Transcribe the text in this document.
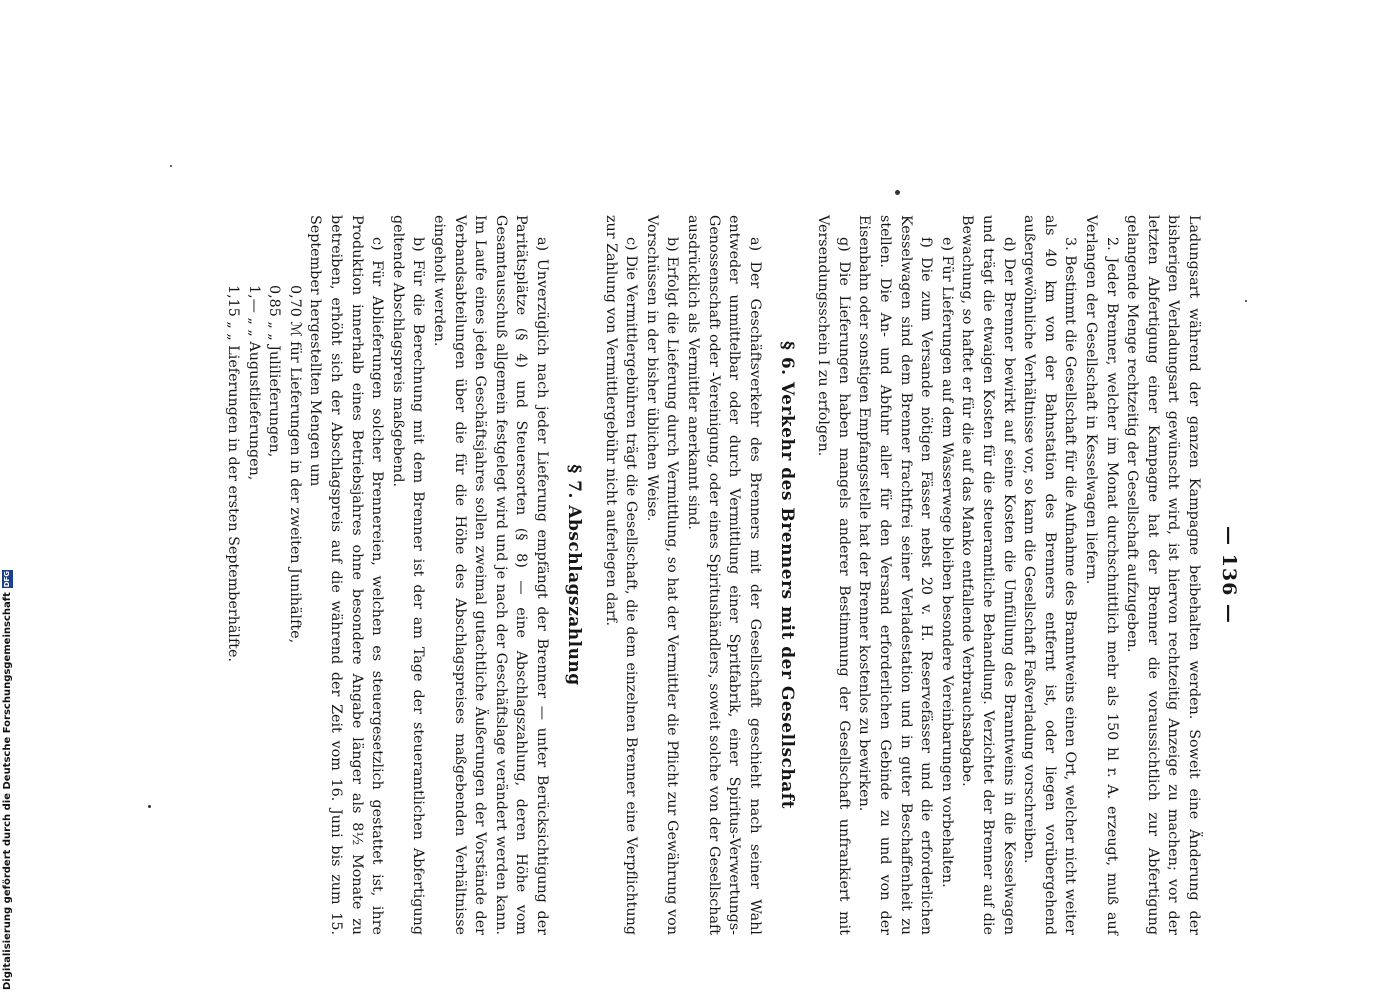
— 136 —

Ladungsart während der ganzen Kampagne beibehalten werden. Soweit eine Änderung der bisherigen Verladungsart gewünscht wird, ist hiervon rechtzeitig Anzeige zu machen; vor der letzten Abfertigung einer Kampagne hat der Brenner die voraussichtlich zur Abfertigung gelangende Menge rechtzeitig der Gesellschaft aufzugeben.

2. Jeder Brenner, welcher im Monat durchschnittlich mehr als 150 hl r. A. erzeugt, muß auf Verlangen der Gesellschaft in Kesselwagen liefern.

3. Bestimmt die Gesellschaft für die Aufnahme des Branntweins einen Ort, welcher nicht weiter als 40 km von der Bahnstation des Brenners entfernt ist, oder liegen vorübergehend außergewöhnliche Verhältnisse vor, so kann die Gesellschaft Faßverladung vorschreiben.

d) Der Brenner bewirkt auf seine Kosten die Umfüllung des Branntweins in die Kesselwagen und trägt die etwaigen Kosten für die steueramtliche Behandlung. Verzichtet der Brenner auf die Bewachung, so haftet er für die auf das Manko entfallende Verbrauchsabgabe.

e) Für Lieferungen auf dem Wasserwege bleiben besondere Vereinbarungen vorbehalten.

f) Die zum Versande nötigen Fässer nebst 20 v. H. Reservefässer und die erforderlichen Kesselwagen sind dem Brenner frachtfrei seiner Verladestation und in guter Beschaffenheit zu stellen. Die An- und Abfuhr aller für den Versand erforderlichen Gebinde zu und von der Eisenbahn oder sonstigen Empfangsstelle hat der Brenner kostenlos zu bewirken.

g) Die Lieferungen haben mangels anderer Bestimmung der Gesellschaft unfrankiert mit Versendungsschein I zu erfolgen.

§ 6. Verkehr des Brenners mit der Gesellschaft

a) Der Geschäftsverkehr des Brenners mit der Gesellschaft geschieht nach seiner Wahl entweder unmittelbar oder durch Vermittlung einer Spritfabrik, einer Spiritus-Verwertungs-Genossenschaft oder -Vereinigung, oder eines Spiritushändlers, soweit solche von der Gesellschaft ausdrücklich als Vermittler anerkannt sind.

b) Erfolgt die Lieferung durch Vermittlung, so hat der Vermittler die Pflicht zur Gewährung von Vorschüssen in der bisher üblichen Weise.

c) Die Vermittlergebühren trägt die Gesellschaft, die dem einzelnen Brenner eine Verpflichtung zur Zahlung von Vermittlergebühr nicht auferlegen darf.

§ 7. Abschlagszahlung

a) Unverzüglich nach jeder Lieferung empfängt der Brenner — unter Berücksichtigung der Paritätsplätze (§ 4) und Steuersorten (§ 8) — eine Abschlagszahlung, deren Höhe vom Gesamtausschuß allgemein festgelegt wird und je nach der Geschäftslage verändert werden kann. Im Laufe eines jeden Geschäftsjahres sollen zweimal gutachtliche Äußerungen der Vorstände der Verbandsabteilungen über die für die Höhe des Abschlagspreises maßgebenden Verhältnisse eingeholt werden.

b) Für die Berechnung mit dem Brenner ist der am Tage der steueramtlichen Abfertigung geltende Abschlagspreis maßgebend.

c) Für Ablieferungen solcher Brennereien, welchen es steuergesetzlich gestattet ist, ihre Produktion innerhalb eines Betriebsjahres ohne besondere Angabe länger als 8½ Monate zu betreiben, erhöht sich der Abschlagspreis auf die während der Zeit vom 16. Juni bis zum 15. September hergestellten Mengen um

0,70 ℳ für Lieferungen in der zweiten Junihälfte,

0,85 „ „ Julilieferungen,

1,— „ „ Augustlieferungen,

1,15 „ „ Lieferungen in der ersten Septemberhälfte.

Digitalisierung gefördert durch die Deutsche Forschungsgemeinschaft
DFG
